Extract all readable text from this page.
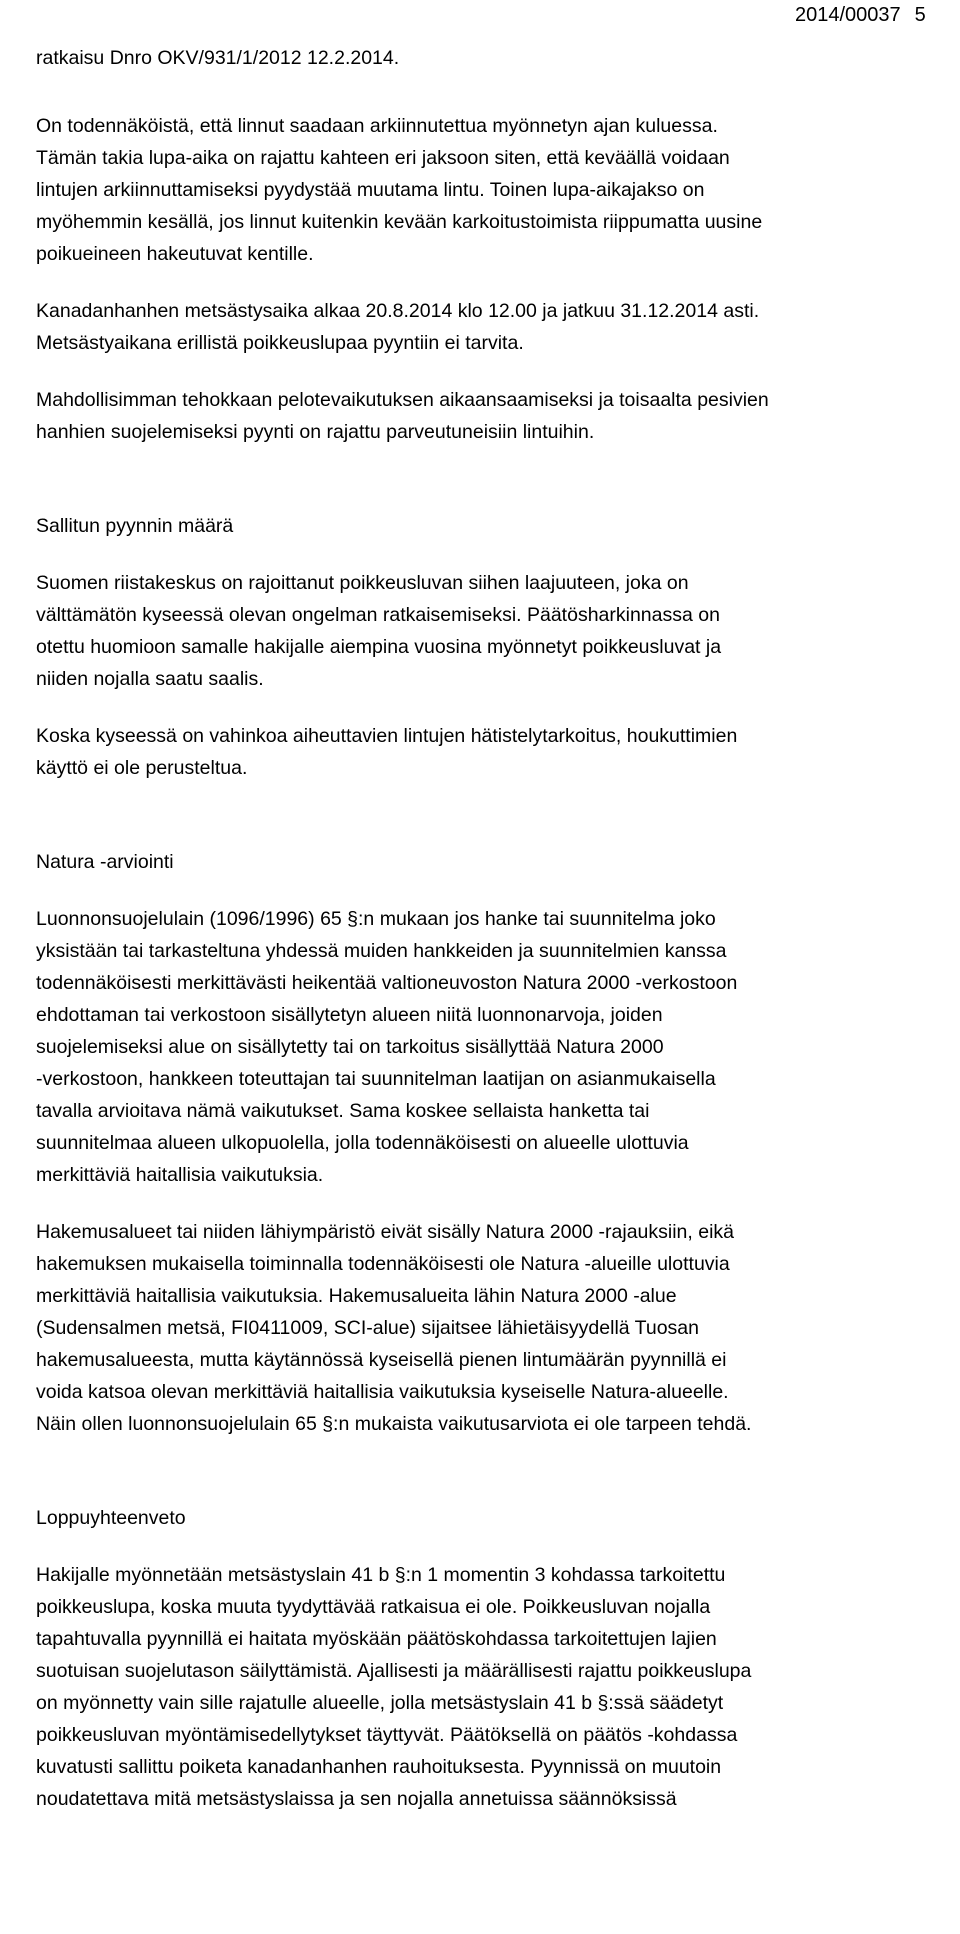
ratkaisu Dnro OKV/931/1/2012 12.2.2014.
2014/00037 5

On todennäköistä, että linnut saadaan arkiinnutettua myönnetyn ajan kuluessa.
Tämän takia lupa-aika on rajattu kahteen eri jaksoon siten, että keväällä voidaan
lintujen arkiinnuttamiseksi pyydystää muutama lintu. Toinen lupa-aikajakso on
myöhemmin kesällä, jos linnut kuitenkin kevään karkoitustoimista riippumatta uusine
poikueineen hakeutuvat kentille.

Kanadanhanhen metsästysaika alkaa 20.8.2014 klo 12.00 ja jatkuu 31.12.2014 asti.
Metsästyaikana erillistä poikkeuslupaa pyyntiin ei tarvita.

Mahdollisimman tehokkaan pelotevaikutuksen aikaansaamiseksi ja toisaalta pesivien
hanhien suojelemiseksi pyynti on rajattu parveutuneisiin lintuihin.

Sallitun pyynnin määrä

Suomen riistakeskus on rajoittanut poikkeusluvan siihen laajuuteen, joka on
välttämätön kyseessä olevan ongelman ratkaisemiseksi. Päätösharkinnassa on
otettu huomioon samalle hakijalle aiempina vuosina myönnetyt poikkeusluvat ja
niiden nojalla saatu saalis.

Koska kyseessä on vahinkoa aiheuttavien lintujen hätistelytarkoitus, houkuttimien
käyttö ei ole perusteltua.

Natura -arviointi

Luonnonsuojelulain (1096/1996) 65 §:n mukaan jos hanke tai suunnitelma joko
yksistään tai tarkasteltuna yhdessä muiden hankkeiden ja suunnitelmien kanssa
todennäköisesti merkittävästi heikentää valtioneuvoston Natura 2000 -verkostoon
ehdottaman tai verkostoon sisällytetyn alueen niitä luonnonarvoja, joiden
suojelemiseksi alue on sisällytetty tai on tarkoitus sisällyttää Natura 2000
-verkostoon, hankkeen toteuttajan tai suunnitelman laatijan on asianmukaisella
tavalla arvioitava nämä vaikutukset. Sama koskee sellaista hanketta tai
suunnitelmaa alueen ulkopuolella, jolla todennäköisesti on alueelle ulottuvia
merkittäviä haitallisia vaikutuksia.

Hakemusalueet tai niiden lähiympäristö eivät sisälly Natura 2000 -rajauksiin, eikä
hakemuksen mukaisella toiminnalla todennäköisesti ole Natura -alueille ulottuvia
merkittäviä haitallisia vaikutuksia. Hakemusalueita lähin Natura 2000 -alue
(Sudensalmen metsä, FI0411009, SCI-alue) sijaitsee lähietäisyydellä Tuosan
hakemusalueesta, mutta käytännössä kyseisellä pienen lintumäärän pyynnillä ei
voida katsoa olevan merkittäviä haitallisia vaikutuksia kyseiselle Natura-alueelle.
Näin ollen luonnonsuojelulain 65 §:n mukaista vaikutusarviota ei ole tarpeen tehdä.

Loppuyhteenveto

Hakijalle myönnetään metsästyslain 41 b §:n 1 momentin 3 kohdassa tarkoitettu
poikkeuslupa, koska muuta tyydyttävää ratkaisua ei ole. Poikkeusluvan nojalla
tapahtuvalla pyynnillä ei haitata myöskään päätöskohdassa tarkoitettujen lajien
suotuisan suojelutason säilyttämistä. Ajallisesti ja määrällisesti rajattu poikkeuslupa
on myönnetty vain sille rajatulle alueelle, jolla metsästyslain 41 b §:ssä säädetyt
poikkeusluvan myöntämisedellytykset täyttyvät. Päätöksellä on päätös -kohdassa
kuvatusti sallittu poiketa kanadanhanhen rauhoituksesta. Pyynnissä on muutoin
noudatettava mitä metsästyslaissa ja sen nojalla annetuissa säännöksissä
